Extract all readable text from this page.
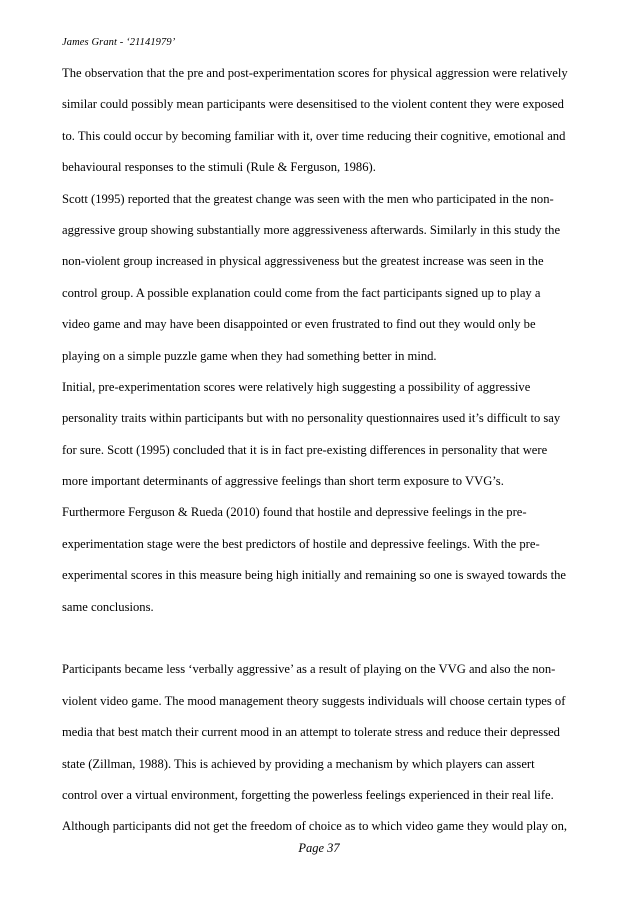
James Grant - ‘21141979’
The observation that the pre and post-experimentation scores for physical aggression were relatively
similar could possibly mean participants were desensitised to the violent content they were exposed
to. This could occur by becoming familiar with it, over time reducing their cognitive, emotional and
behavioural responses to the stimuli (Rule & Ferguson, 1986).
Scott (1995) reported that the greatest change was seen with the men who participated in the non-
aggressive group showing substantially more aggressiveness afterwards. Similarly in this study the
non-violent group increased in physical aggressiveness but the greatest increase was seen in the
control group. A possible explanation could come from the fact participants signed up to play a
video game and may have been disappointed or even frustrated to find out they would only be
playing on a simple puzzle game when they had something better in mind.
Initial, pre-experimentation scores were relatively high suggesting a possibility of aggressive
personality traits within participants but with no personality questionnaires used it’s difficult to say
for sure. Scott (1995) concluded that it is in fact pre-existing differences in personality that were
more important determinants of aggressive feelings than short term exposure to VVG’s.
Furthermore Ferguson & Rueda (2010) found that hostile and depressive feelings in the pre-
experimentation stage were the best predictors of hostile and depressive feelings. With the pre-
experimental scores in this measure being high initially and remaining so one is swayed towards the
same conclusions.
Participants became less ‘verbally aggressive’ as a result of playing on the VVG and also the non-
violent video game. The mood management theory suggests individuals will choose certain types of
media that best match their current mood in an attempt to tolerate stress and reduce their depressed
state (Zillman, 1988). This is achieved by providing a mechanism by which players can assert
control over a virtual environment, forgetting the powerless feelings experienced in their real life.
Although participants did not get the freedom of choice as to which video game they would play on,
Page 37
